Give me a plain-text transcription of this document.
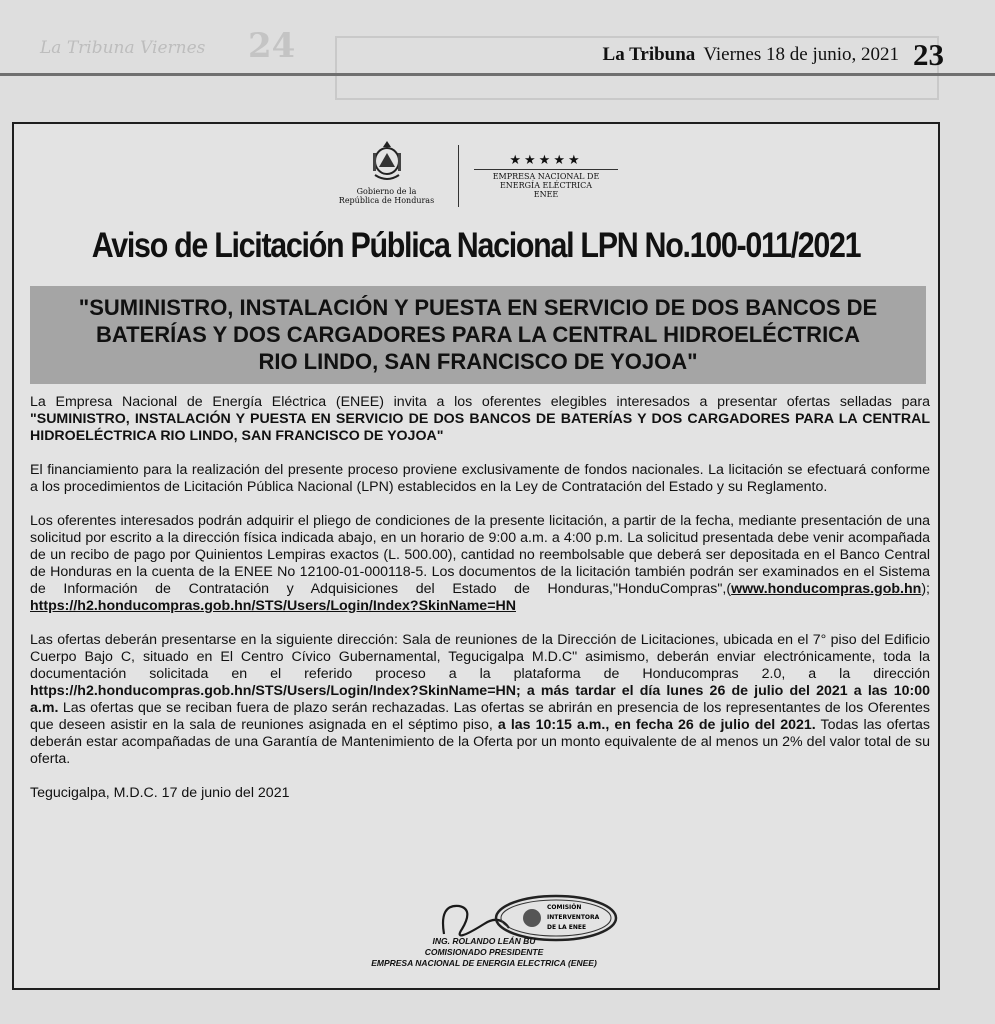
La Tribuna Viernes 24	La Tribuna Viernes 18 de junio, 2021 23
Gobierno de la
República de Honduras
★★★★★
EMPRESA NACIONAL DE
ENERGÍA ELÉCTRICA
ENEE
Aviso de Licitación Pública Nacional LPN No.100-011/2021
"SUMINISTRO, INSTALACIÓN Y PUESTA EN SERVICIO DE DOS BANCOS DE
BATERÍAS Y DOS CARGADORES PARA LA CENTRAL HIDROELÉCTRICA
RIO LINDO, SAN FRANCISCO DE YOJOA"

La Empresa Nacional de Energía Eléctrica (ENEE) invita a los oferentes elegibles interesados a presentar ofertas selladas para "SUMINISTRO, INSTALACIÓN Y PUESTA EN SERVICIO DE DOS BANCOS DE BATERÍAS Y DOS CARGADORES PARA LA CENTRAL HIDROELÉCTRICA RIO LINDO, SAN FRANCISCO DE YOJOA"

El financiamiento para la realización del presente proceso proviene exclusivamente de fondos nacionales. La licitación se efectuará conforme a los procedimientos de Licitación Pública Nacional (LPN) establecidos en la Ley de Contratación del Estado y su Reglamento.

Los oferentes interesados podrán adquirir el pliego de condiciones de la presente licitación, a partir de la fecha, mediante presentación de una solicitud por escrito a la dirección física indicada abajo, en un horario de 9:00 a.m. a 4:00 p.m. La solicitud presentada debe venir acompañada de un recibo de pago por Quinientos Lempiras exactos (L. 500.00), cantidad no reembolsable que deberá ser depositada en el Banco Central de Honduras en la cuenta de la ENEE No 12100-01-000118-5. Los documentos de la licitación también podrán ser examinados en el Sistema de Información de Contratación y Adquisiciones del Estado de Honduras,"HonduCompras",(www.honducompras.gob.hn); https://h2.honducompras.gob.hn/STS/Users/Login/Index?SkinName=HN

Las ofertas deberán presentarse en la siguiente dirección: Sala de reuniones de la Dirección de Licitaciones, ubicada en el 7° piso del Edificio Cuerpo Bajo C, situado en El Centro Cívico Gubernamental, Tegucigalpa M.D.C" asimismo, deberán enviar electrónicamente, toda la documentación solicitada en el referido proceso a la plataforma de Honducompras 2.0, a la dirección https://h2.honducompras.gob.hn/STS/Users/Login/Index?SkinName=HN; a más tardar el día lunes 26 de julio del 2021 a las 10:00 a.m. Las ofertas que se reciban fuera de plazo serán rechazadas. Las ofertas se abrirán en presencia de los representantes de los Oferentes que deseen asistir en la sala de reuniones asignada en el séptimo piso, a las 10:15 a.m., en fecha 26 de julio del 2021. Todas las ofertas deberán estar acompañadas de una Garantía de Mantenimiento de la Oferta por un monto equivalente de al menos un 2% del valor total de su oferta.

Tegucigalpa, M.D.C. 17 de junio del 2021

COMISIÓN
INTERVENTORA
DE LA ENEE
ING. ROLANDO LEÁN BU
COMISIONADO PRESIDENTE
EMPRESA NACIONAL DE ENERGIA ELECTRICA (ENEE)
